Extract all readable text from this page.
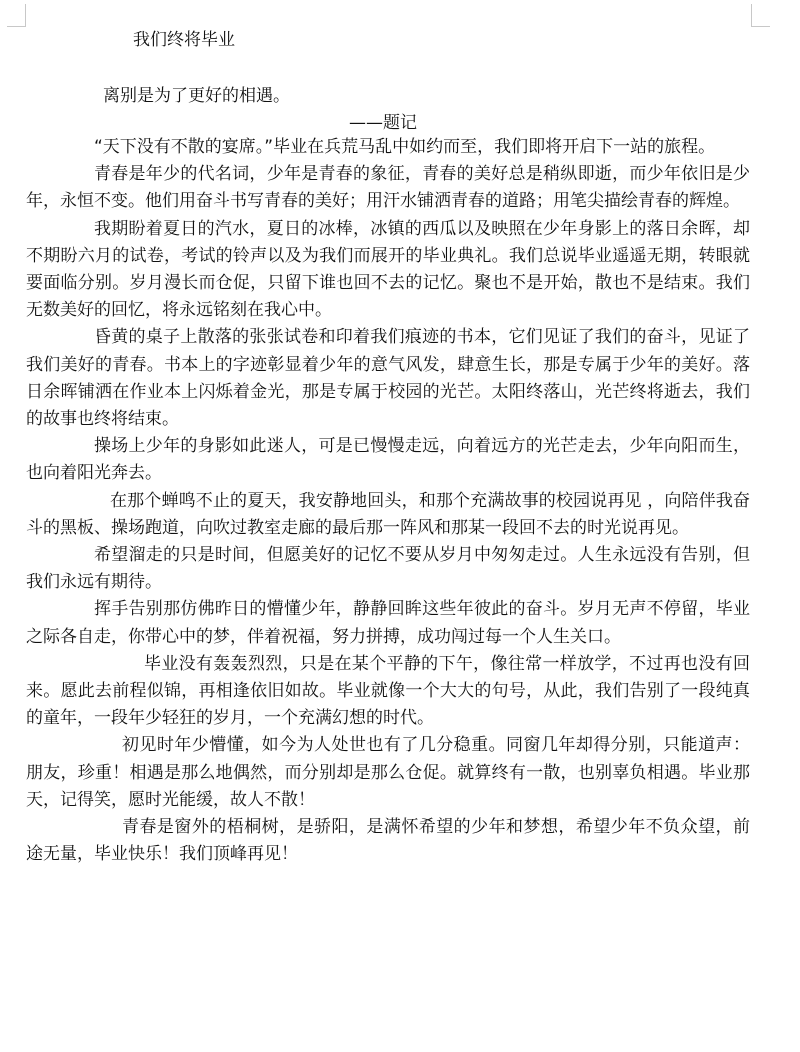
我们终将毕业

离别是为了更好的相遇。

——题记

“天下没有不散的宴席。”毕业在兵荒马乱中如约而至，我们即将开启下一站的旅程。

青春是年少的代名词，少年是青春的象征，青春的美好总是稍纵即逝，而少年依旧是少年，永恒不变。他们用奋斗书写青春的美好；用汗水铺洒青春的道路；用笔尖描绘青春的辉煌。

我期盼着夏日的汽水，夏日的冰棒，冰镇的西瓜以及映照在少年身影上的落日余晖，却不期盼六月的试卷，考试的铃声以及为我们而展开的毕业典礼。我们总说毕业遥遥无期，转眼就要面临分别。岁月漫长而仓促，只留下谁也回不去的记忆。聚也不是开始，散也不是结束。我们无数美好的回忆，将永远铭刻在我心中。

昏黄的桌子上散落的张张试卷和印着我们痕迹的书本，它们见证了我们的奋斗，见证了我们美好的青春。书本上的字迹彰显着少年的意气风发，肆意生长，那是专属于少年的美好。落日余晖铺洒在作业本上闪烁着金光，那是专属于校园的光芒。太阳终落山，光芒终将逝去，我们的故事也终将结束。

操场上少年的身影如此迷人，可是已慢慢走远，向着远方的光芒走去，少年向阳而生，也向着阳光奔去。

在那个蝉鸣不止的夏天，我安静地回头，和那个充满故事的校园说再见 ，向陪伴我奋斗的黑板、操场跑道，向吹过教室走廊的最后那一阵风和那某一段回不去的时光说再见。

希望溜走的只是时间，但愿美好的记忆不要从岁月中匆匆走过。人生永远没有告别，但我们永远有期待。

挥手告别那仿佛昨日的懵懂少年，静静回眸这些年彼此的奋斗。岁月无声不停留，毕业之际各自走，你带心中的梦，伴着祝福，努力拼搏，成功闯过每一个人生关口。

毕业没有轰轰烈烈，只是在某个平静的下午，像往常一样放学，不过再也没有回来。愿此去前程似锦，再相逢依旧如故。毕业就像一个大大的句号，从此，我们告别了一段纯真的童年，一段年少轻狂的岁月，一个充满幻想的时代。

初见时年少懵懂，如今为人处世也有了几分稳重。同窗几年却得分别，只能道声：朋友，珍重！相遇是那么地偶然，而分别却是那么仓促。就算终有一散，也别辜负相遇。毕业那天，记得笑，愿时光能缓，故人不散！

青春是窗外的梧桐树，是骄阳，是满怀希望的少年和梦想，希望少年不负众望，前途无量，毕业快乐！我们顶峰再见！
